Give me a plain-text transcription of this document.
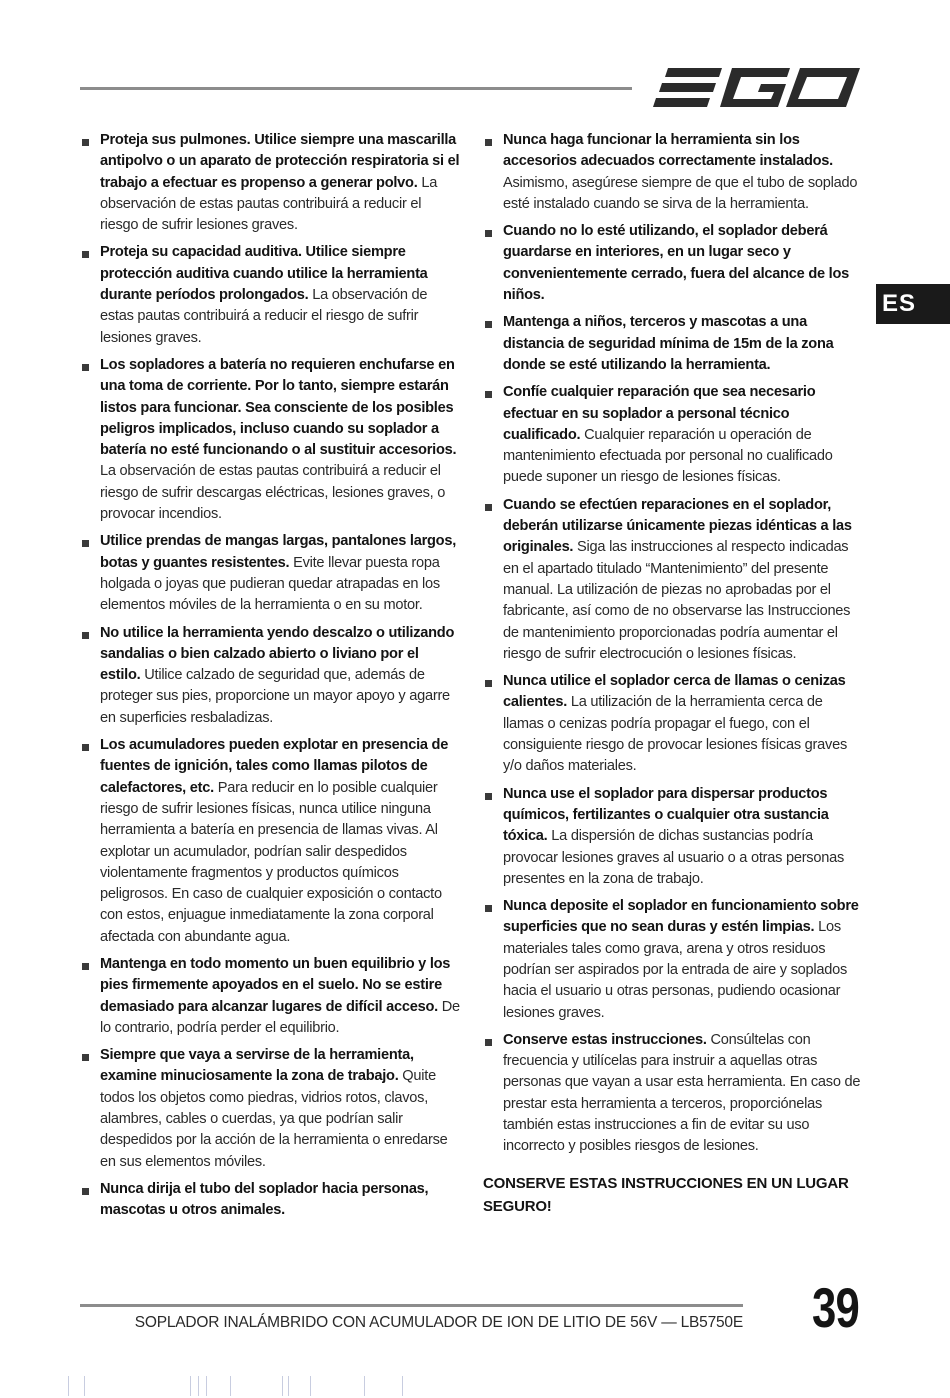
ES
Proteja sus pulmones. Utilice siempre una mascarilla antipolvo o un aparato de protección respiratoria si el trabajo a efectuar es propenso a generar polvo. La observación de estas pautas contribuirá a reducir el riesgo de sufrir lesiones graves.
Proteja su capacidad auditiva. Utilice siempre protección auditiva cuando utilice la herramienta durante períodos prolongados. La observación de estas pautas contribuirá a reducir el riesgo de sufrir lesiones graves.
Los sopladores a batería no requieren enchufarse en una toma de corriente. Por lo tanto, siempre estarán listos para funcionar. Sea consciente de los posibles peligros implicados, incluso cuando su soplador a batería no esté funcionando o al sustituir accesorios. La observación de estas pautas contribuirá a reducir el riesgo de sufrir descargas eléctricas, lesiones graves, o provocar incendios.
Utilice prendas de mangas largas, pantalones largos, botas y guantes resistentes. Evite llevar puesta ropa holgada o joyas que pudieran quedar atrapadas en los elementos móviles de la herramienta o en su motor.
No utilice la herramienta yendo descalzo o utilizando sandalias o bien calzado abierto o liviano por el estilo. Utilice calzado de seguridad que, además de proteger sus pies, proporcione un mayor apoyo y agarre en superficies resbaladizas.
Los acumuladores pueden explotar en presencia de fuentes de ignición, tales como llamas pilotos de calefactores, etc. Para reducir en lo posible cualquier riesgo de sufrir lesiones físicas, nunca utilice ninguna herramienta a batería en presencia de llamas vivas. Al explotar un acumulador, podrían salir despedidos violentamente fragmentos y productos químicos peligrosos. En caso de cualquier exposición o contacto con estos, enjuague inmediatamente la zona corporal afectada con abundante agua.
Mantenga en todo momento un buen equilibrio y los pies firmemente apoyados en el suelo. No se estire demasiado para alcanzar lugares de difícil acceso. De lo contrario, podría perder el equilibrio.
Siempre que vaya a servirse de la herramienta, examine minuciosamente la zona de trabajo. Quite todos los objetos como piedras, vidrios rotos, clavos, alambres, cables o cuerdas, ya que podrían salir despedidos por la acción de la herramienta o enredarse en sus elementos móviles.
Nunca dirija el tubo del soplador hacia personas, mascotas u otros animales.
Nunca haga funcionar la herramienta sin los accesorios adecuados correctamente instalados. Asimismo, asegúrese siempre de que el tubo de soplado esté instalado cuando se sirva de la herramienta.
Cuando no lo esté utilizando, el soplador deberá guardarse en interiores, en un lugar seco y convenientemente cerrado, fuera del alcance de los niños.
Mantenga a niños, terceros y mascotas a una distancia de seguridad mínima de 15m de la zona donde se esté utilizando la herramienta.
Confíe cualquier reparación que sea necesario efectuar en su soplador a personal técnico cualificado. Cualquier reparación u operación de mantenimiento efectuada por personal no cualificado puede suponer un riesgo de lesiones físicas.
Cuando se efectúen reparaciones en el soplador, deberán utilizarse únicamente piezas idénticas a las originales. Siga las instrucciones al respecto indicadas en el apartado titulado “Mantenimiento” del presente manual. La utilización de piezas no aprobadas por el fabricante, así como de no observarse las Instrucciones de mantenimiento proporcionadas podría aumentar el riesgo de sufrir electrocución o lesiones físicas.
Nunca utilice el soplador cerca de llamas o cenizas calientes. La utilización de la herramienta cerca de llamas o cenizas podría propagar el fuego, con el consiguiente riesgo de provocar lesiones físicas graves y/o daños materiales.
Nunca use el soplador para dispersar productos químicos, fertilizantes o cualquier otra sustancia tóxica. La dispersión de dichas sustancias podría provocar lesiones graves al usuario o a otras personas presentes en la zona de trabajo.
Nunca deposite el soplador en funcionamiento sobre superficies que no sean duras y estén limpias. Los materiales tales como grava, arena y otros residuos podrían ser aspirados por la entrada de aire y soplados hacia el usuario u otras personas, pudiendo ocasionar lesiones graves.
Conserve estas instrucciones. Consúltelas con frecuencia y utilícelas para instruir a aquellas otras personas que vayan a usar esta herramienta. En caso de prestar esta herramienta a terceros, proporciónelas también estas instrucciones a fin de evitar su uso incorrecto y posibles riesgos de lesiones.
CONSERVE ESTAS INSTRUCCIONES EN UN LUGAR SEGURO!
SOPLADOR INALÁMBRIDO CON ACUMULADOR DE ION DE LITIO DE 56V — LB5750E 39
